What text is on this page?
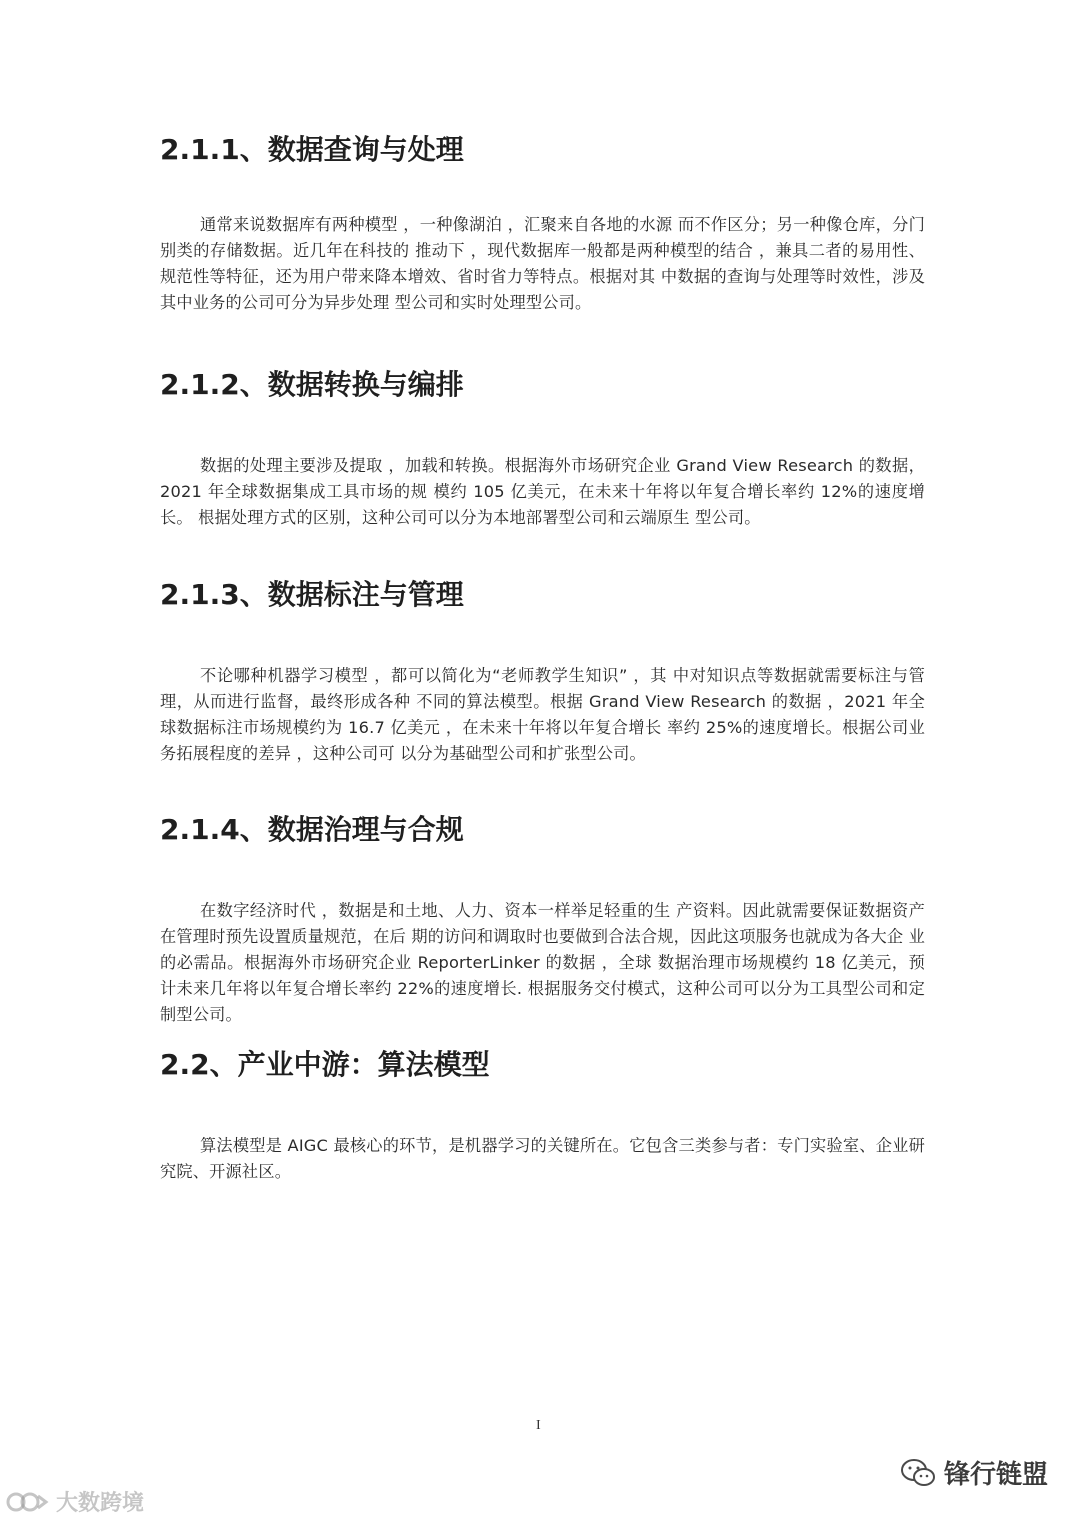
2.1.1、数据查询与处理

通常来说数据库有两种模型 ，一种像湖泊 ，汇聚来自各地的水源 而不作区分；另一种像仓库，分门别类的存储数据。近几年在科技的 推动下 ，现代数据库一般都是两种模型的结合 ，兼具二者的易用性、规范性等特征，还为用户带来降本增效、省时省力等特点。根据对其 中数据的查询与处理等时效性，涉及其中业务的公司可分为异步处理 型公司和实时处理型公司。

2.1.2、数据转换与编排

数据的处理主要涉及提取 ，加载和转换。根据海外市场研究企业 Grand View Research 的数据，2021 年全球数据集成工具市场的规 模约 105 亿美元，在未来十年将以年复合增长率约 12%的速度增长。 根据处理方式的区别，这种公司可以分为本地部署型公司和云端原生 型公司。

2.1.3、数据标注与管理

不论哪种机器学习模型 ，都可以简化为“老师教学生知识” ，其 中对知识点等数据就需要标注与管理，从而进行监督，最终形成各种 不同的算法模型。根据 Grand View Research 的数据 ，2021 年全 球数据标注市场规模约为 16.7 亿美元 ，在未来十年将以年复合增长 率约 25%的速度增长。根据公司业务拓展程度的差异 ，这种公司可 以分为基础型公司和扩张型公司。

2.1.4、数据治理与合规

在数字经济时代 ，数据是和土地、人力、资本一样举足轻重的生 产资料。因此就需要保证数据资产在管理时预先设置质量规范，在后 期的访问和调取时也要做到合法合规，因此这项服务也就成为各大企 业的必需品。根据海外市场研究企业 ReporterLinker 的数据 ，全球 数据治理市场规模约 18 亿美元，预计未来几年将以年复合增长率约 22%的速度增长. 根据服务交付模式，这种公司可以分为工具型公司和定制型公司。

2.2、产业中游：算法模型

算法模型是 AIGC 最核心的环节，是机器学习的关键所在。它包含三类参与者：专门实验室、企业研究院、开源社区。

I
大数跨境
锋行链盟
